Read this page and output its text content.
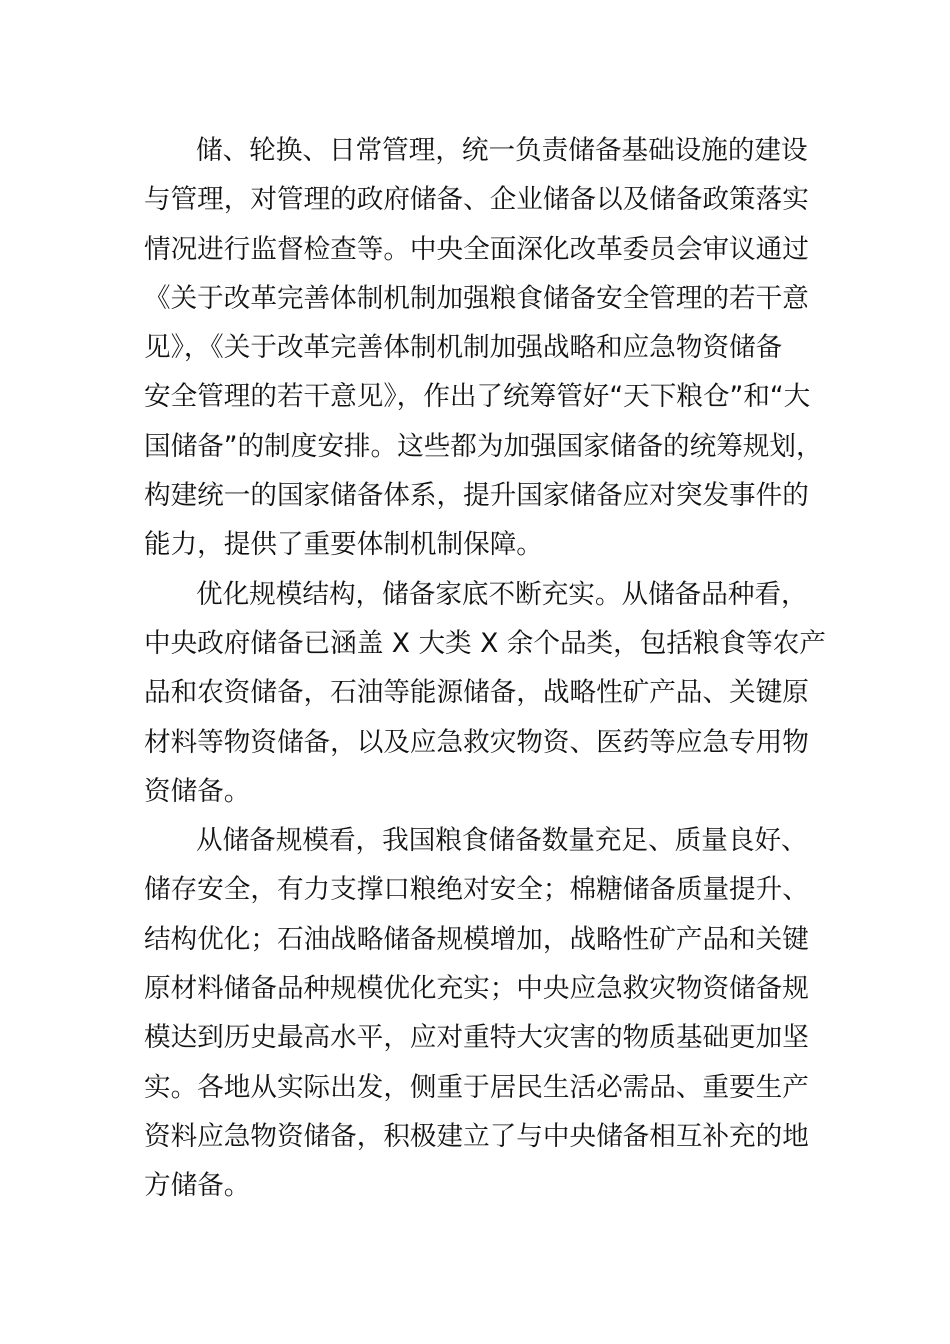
储、轮换、日常管理，统一负责储备基础设施的建设
与管理，对管理的政府储备、企业储备以及储备政策落实
情况进行监督检查等。中央全面深化改革委员会审议通过
《关于改革完善体制机制加强粮食储备安全管理的若干意
见》，《关于改革完善体制机制加强战略和应急物资储备
安全管理的若干意见》，作出了统筹管好“天下粮仓”和“大
国储备”的制度安排。这些都为加强国家储备的统筹规划，
构建统一的国家储备体系，提升国家储备应对突发事件的
能力，提供了重要体制机制保障。
优化规模结构，储备家底不断充实。从储备品种看，
中央政府储备已涵盖 X 大类 X 余个品类，包括粮食等农产
品和农资储备，石油等能源储备，战略性矿产品、关键原
材料等物资储备，以及应急救灾物资、医药等应急专用物
资储备。
从储备规模看，我国粮食储备数量充足、质量良好、
储存安全，有力支撑口粮绝对安全；棉糖储备质量提升、
结构优化；石油战略储备规模增加，战略性矿产品和关键
原材料储备品种规模优化充实；中央应急救灾物资储备规
模达到历史最高水平，应对重特大灾害的物质基础更加坚
实。各地从实际出发，侧重于居民生活必需品、重要生产
资料应急物资储备，积极建立了与中央储备相互补充的地
方储备。
